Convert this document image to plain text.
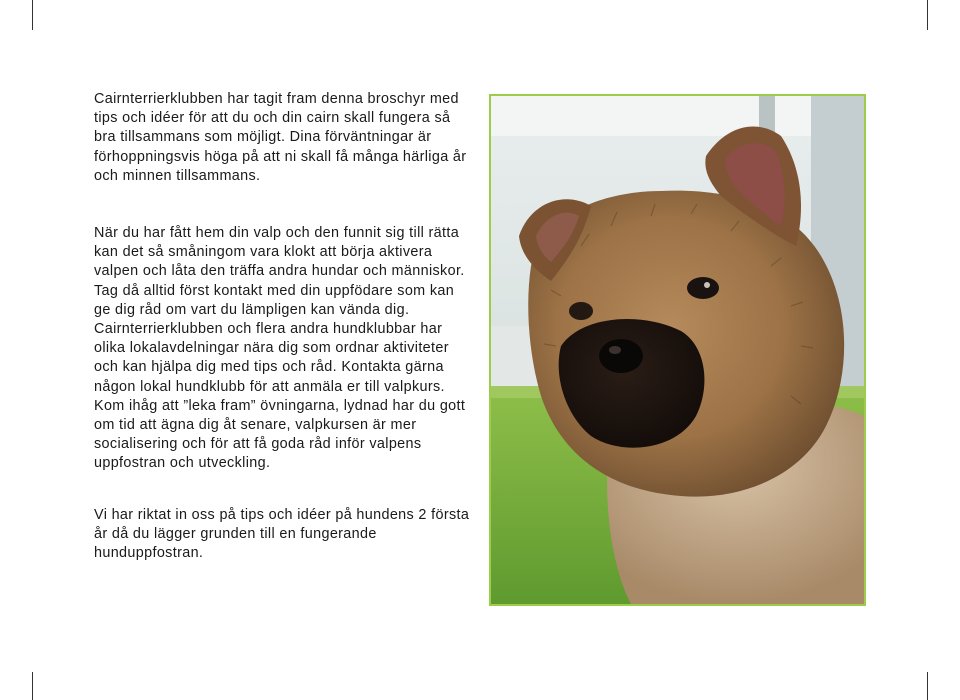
Cairnterrierklubben har tagit fram denna broschyr med tips och idéer för att du och din cairn skall fungera så bra tillsammans som möjligt. Dina förväntningar är förhoppningsvis höga på att ni skall få många härliga år och minnen tillsammans.

När du har fått hem din valp och den funnit sig till rätta kan det så småningom vara klokt att börja aktivera valpen och låta den träffa andra hundar och människor.

Tag då alltid först kontakt med din uppfödare som kan ge dig råd om vart du lämpligen kan vända dig.

Cairnterrierklubben och flera andra hundklubbar har olika lokalavdelningar nära dig som ordnar aktiviteter och kan hjälpa dig med tips och råd. Kontakta gärna någon lokal hundklubb för att anmäla er till valpkurs. Kom ihåg att ”leka fram” övningarna, lydnad har du gott om tid att ägna dig åt senare, valpkursen är mer socialisering och för att få goda råd inför valpens uppfostran och utveckling.

Vi har riktat in oss på tips och idéer på hundens 2 första år då du lägger grunden till en fungerande hunduppfostran.
